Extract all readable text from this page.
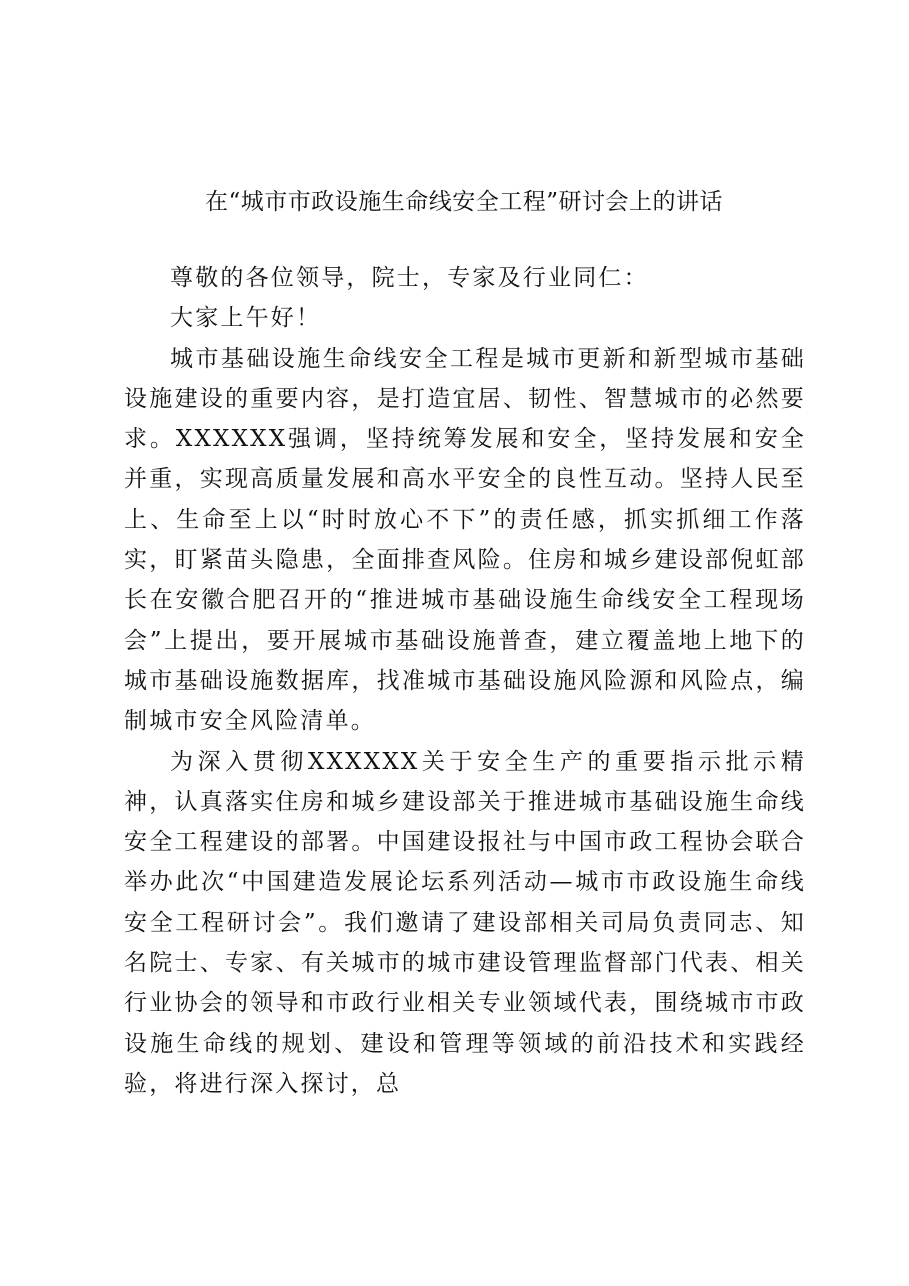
在“城市市政设施生命线安全工程”研讨会上的讲话

尊敬的各位领导，院士，专家及行业同仁：

大家上午好！

城市基础设施生命线安全工程是城市更新和新型城市基础设施建设的重要内容，是打造宜居、韧性、智慧城市的必然要求。XXXXXX强调，坚持统筹发展和安全，坚持发展和安全并重，实现高质量发展和高水平安全的良性互动。坚持人民至上、生命至上以“时时放心不下”的责任感，抓实抓细工作落实，盯紧苗头隐患，全面排查风险。住房和城乡建设部倪虹部长在安徽合肥召开的“推进城市基础设施生命线安全工程现场会”上提出，要开展城市基础设施普查，建立覆盖地上地下的城市基础设施数据库，找准城市基础设施风险源和风险点，编制城市安全风险清单。

为深入贯彻XXXXXX关于安全生产的重要指示批示精神，认真落实住房和城乡建设部关于推进城市基础设施生命线安全工程建设的部署。中国建设报社与中国市政工程协会联合举办此次“中国建造发展论坛系列活动—城市市政设施生命线安全工程研讨会”。我们邀请了建设部相关司局负责同志、知名院士、专家、有关城市的城市建设管理监督部门代表、相关行业协会的领导和市政行业相关专业领域代表，围绕城市市政设施生命线的规划、建设和管理等领域的前沿技术和实践经验，将进行深入探讨，总
